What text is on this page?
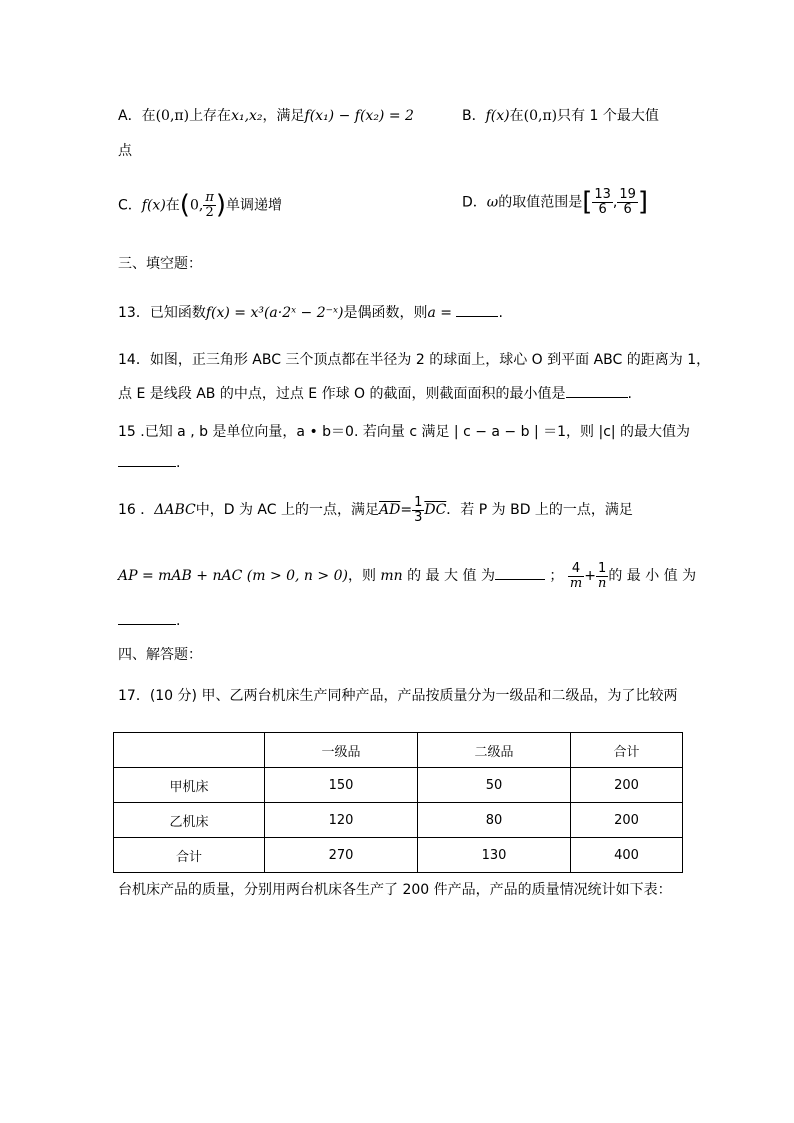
A．在(0,π)上存在x₁,x₂，满足f(x₁) − f(x₂) = 2	B．f(x)在(0,π)只有 1 个最大值
点
C．f(x)在(0, $\frac{\pi}{2}$ )单调递增	D．ω的取值范围是[ $\frac{13}{6}$ , $\frac{19}{6}$ ]
三、填空题：
13．已知函数f(x) = x³(a·2ˣ − 2⁻ˣ)是偶函数，则a =	.
14．如图，正三角形 ABC 三个顶点都在半径为 2 的球面上，球心 O 到平面 ABC 的距离为 1，
点 E 是线段 AB 的中点，过点 E 作球 O 的截面，则截面面积的最小值是	.
15 .已知 a , b 是单位向量，a • b＝0. 若向量 c 满足 | c − a − b | ＝1，则 |c| 的最大值为
.
16 ．ΔABC中，D 为 AC 上的一点，满足$\overline{AD}= \frac{1}{3} \overline{DC}$．若 P 为 BD 上的一点，满足
AP = mAB + nAC (m > 0, n > 0)，则 mn 的 最 大 值 为	； $\frac{4}{m} + \frac{1}{n}$ 的 最 小 值 为
.
四、解答题：
17．(10 分) 甲、乙两台机床生产同种产品，产品按质量分为一级品和二级品，为了比较两
	一级品	二级品	合计
甲机床	150	50	200
乙机床	120	80	200
合计	270	130	400
台机床产品的质量，分别用两台机床各生产了 200 件产品，产品的质量情况统计如下表：
